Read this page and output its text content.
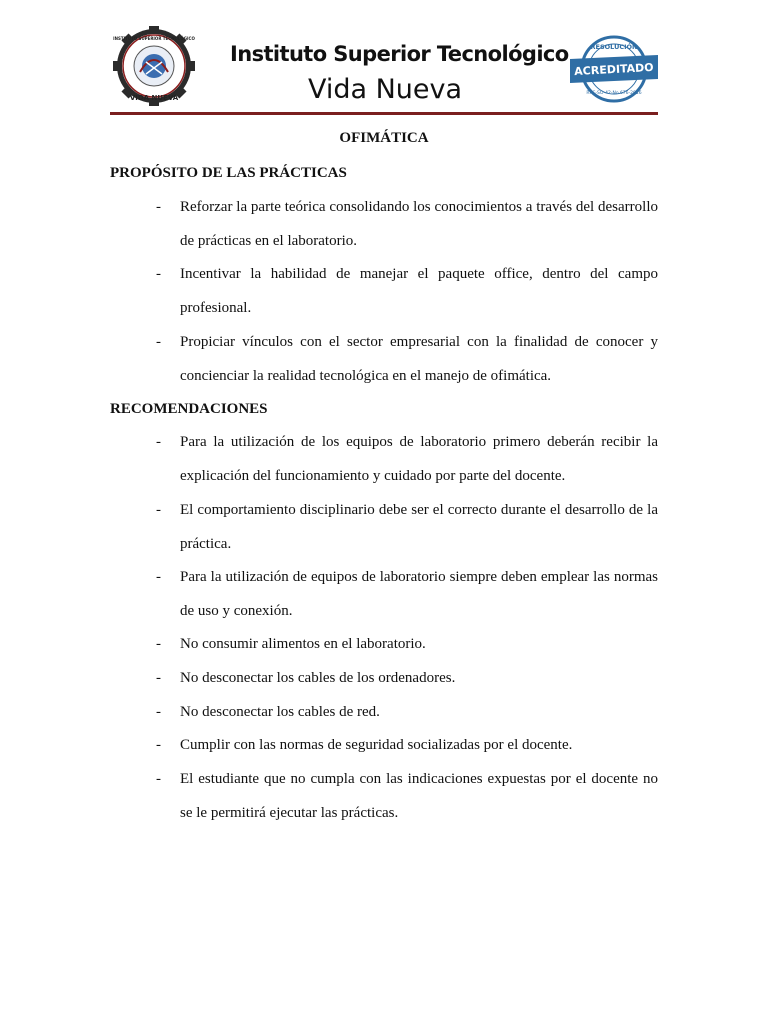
VIDA NUEVA
INSTITUTO SUPERIOR TECNOLÓGICO
Instituto Superior Tecnológico
Vida Nueva
RESOLUCIÓN
ACREDITADO
RPC-SO-42-No.676-2016
OFIMÁTICA
PROPÓSITO DE LAS PRÁCTICAS
- Reforzar la parte teórica consolidando los conocimientos a través del desarrollo de prácticas en el laboratorio.
- Incentivar la habilidad de manejar el paquete office, dentro del campo profesional.
- Propiciar vínculos con el sector empresarial con la finalidad de conocer y concienciar la realidad tecnológica en el manejo de ofimática.
RECOMENDACIONES
- Para la utilización de los equipos de laboratorio primero deberán recibir la explicación del funcionamiento y cuidado por parte del docente.
- El comportamiento disciplinario debe ser el correcto durante el desarrollo de la práctica.
- Para la utilización de equipos de laboratorio siempre deben emplear las normas de uso y conexión.
- No consumir alimentos en el laboratorio.
- No desconectar los cables de los ordenadores.
- No desconectar los cables de red.
- Cumplir con las normas de seguridad socializadas por el docente.
- El estudiante que no cumpla con las indicaciones expuestas por el docente no se le permitirá ejecutar las prácticas.
